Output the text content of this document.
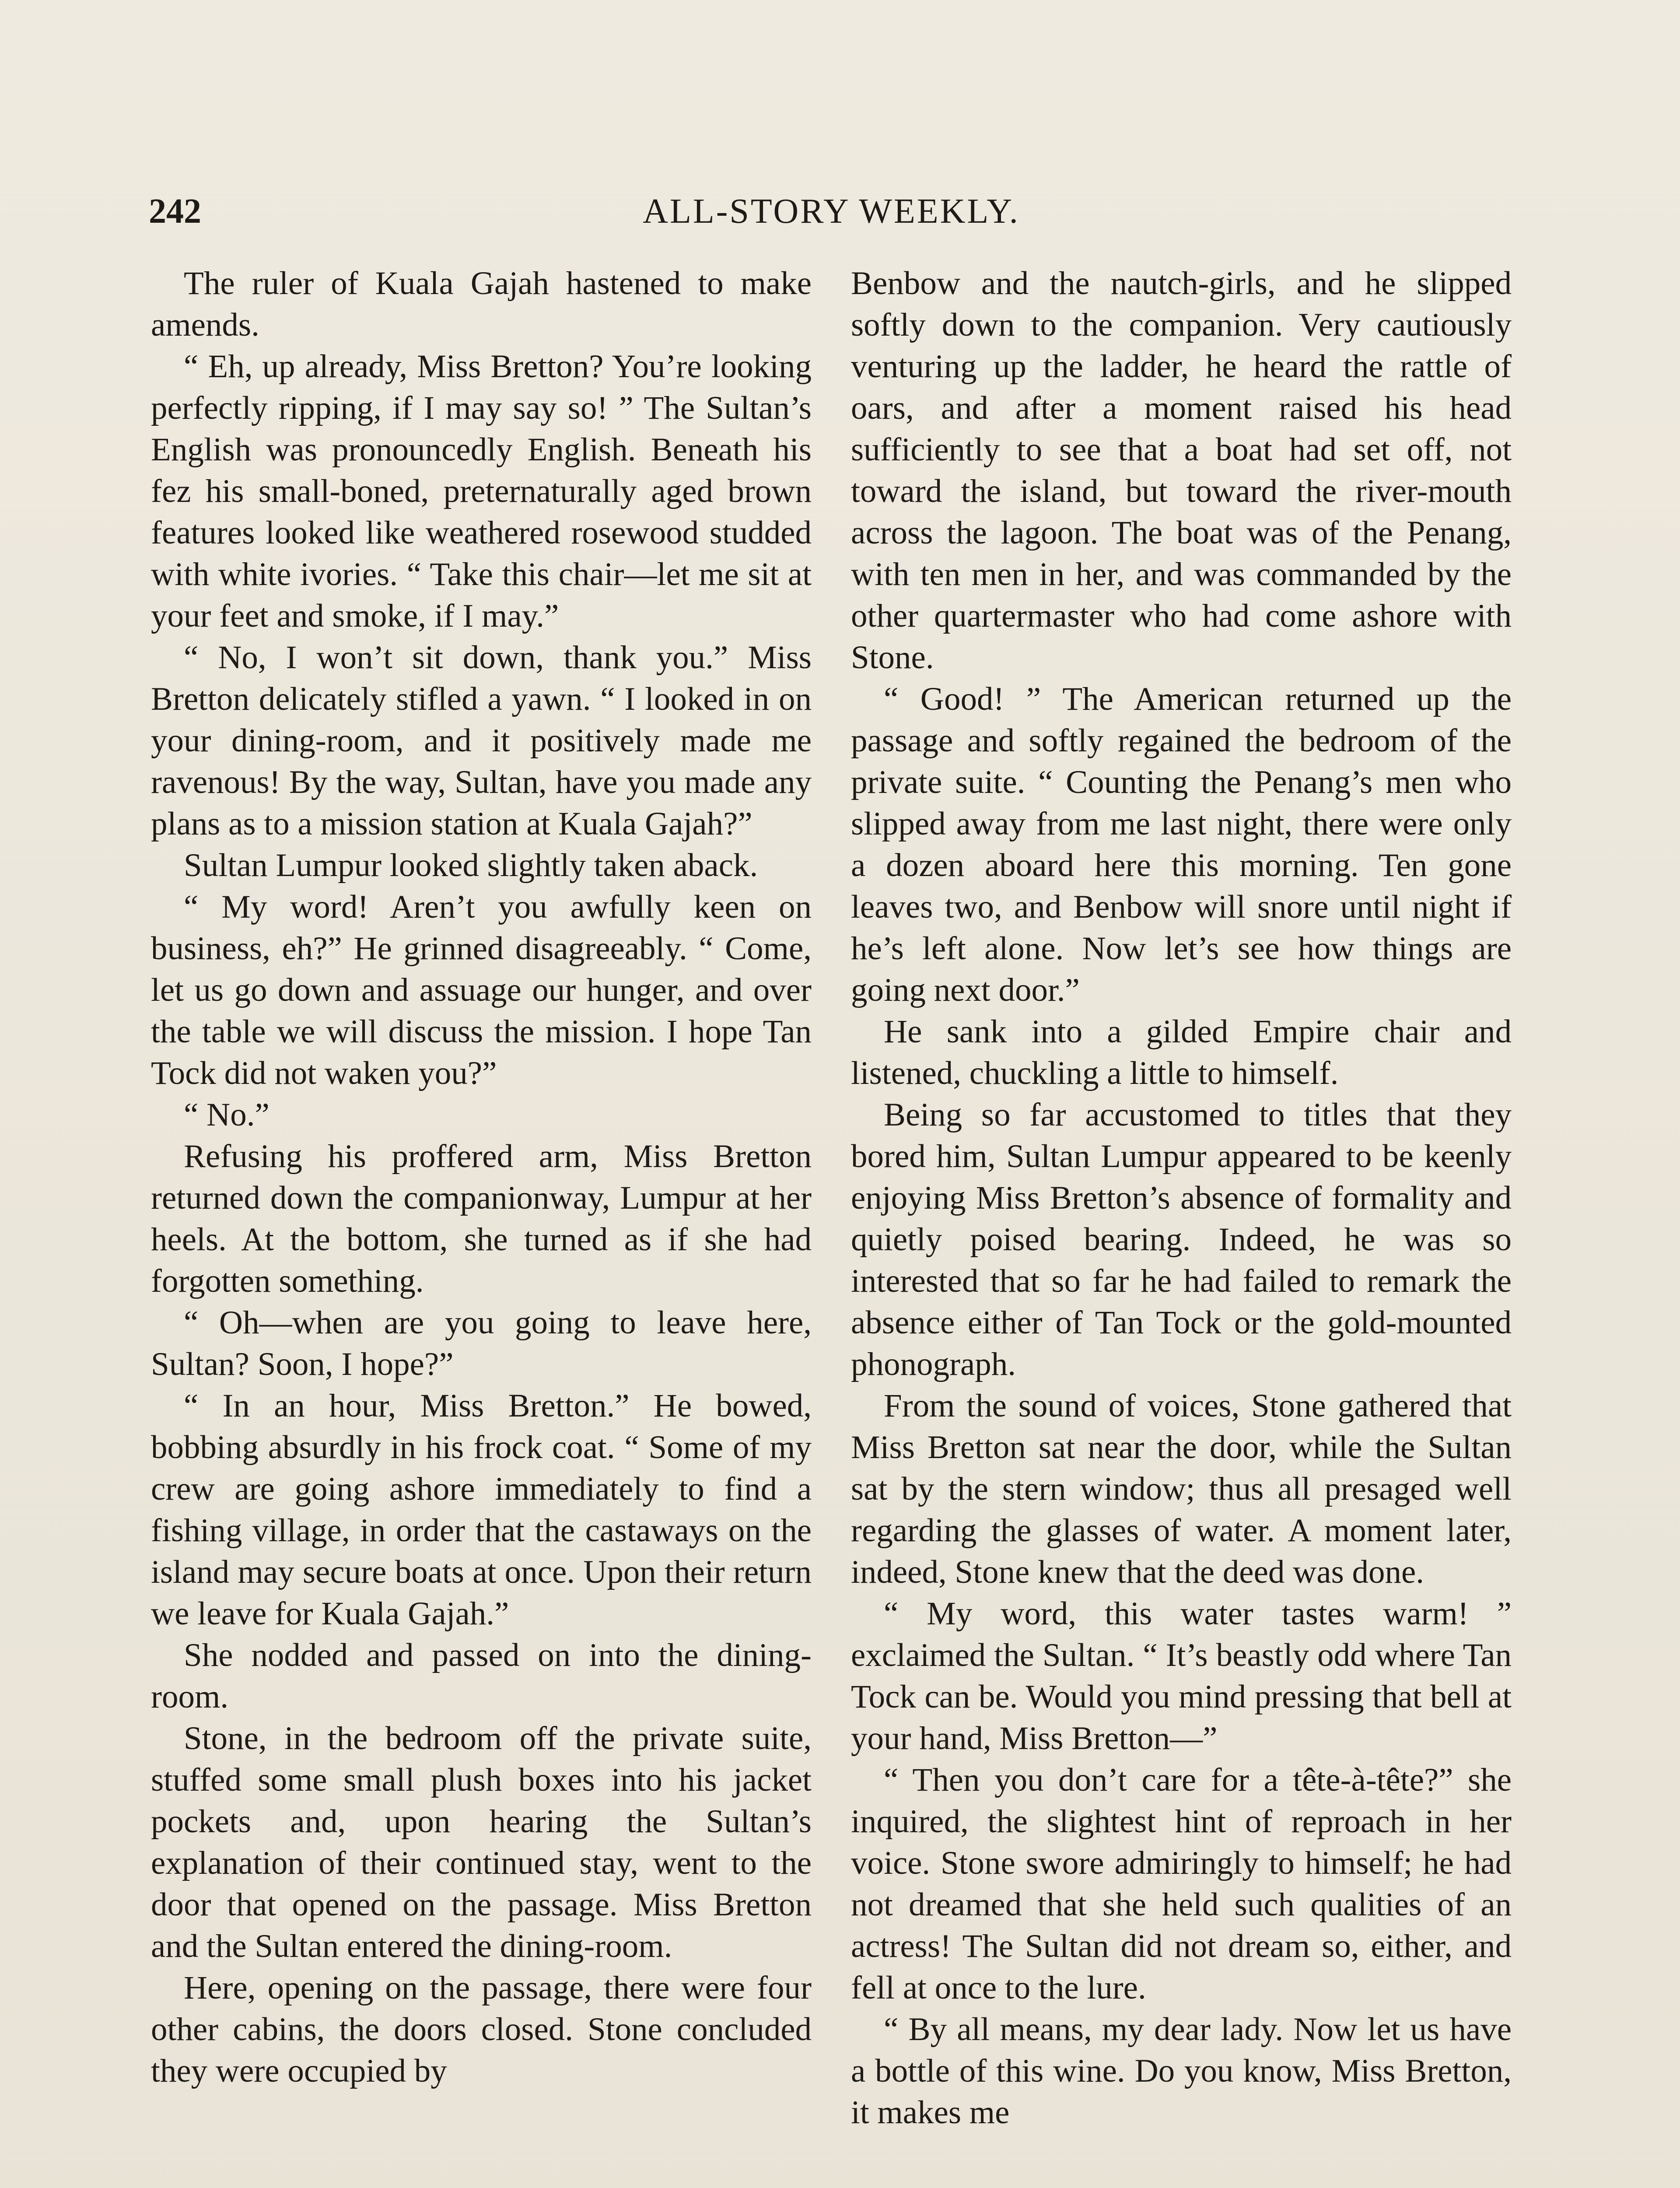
242	ALL-STORY WEEKLY.

The ruler of Kuala Gajah hastened to make amends.

“ Eh, up already, Miss Bretton? You’re looking perfectly ripping, if I may say so! ” The Sultan’s English was pronouncedly English. Beneath his fez his small-boned, preternaturally aged brown features looked like weathered rosewood studded with white ivories. “ Take this chair—let me sit at your feet and smoke, if I may.”

“ No, I won’t sit down, thank you.” Miss Bretton delicately stifled a yawn. “ I looked in on your dining-room, and it positively made me ravenous! By the way, Sultan, have you made any plans as to a mission station at Kuala Gajah?”

Sultan Lumpur looked slightly taken aback.

“ My word! Aren’t you awfully keen on business, eh?” He grinned disagreeably. “ Come, let us go down and assuage our hunger, and over the table we will discuss the mission. I hope Tan Tock did not waken you?”

“ No.”

Refusing his proffered arm, Miss Bretton returned down the companionway, Lumpur at her heels. At the bottom, she turned as if she had forgotten something.

“ Oh—when are you going to leave here, Sultan? Soon, I hope?”

“ In an hour, Miss Bretton.” He bowed, bobbing absurdly in his frock coat. “ Some of my crew are going ashore immediately to find a fishing village, in order that the castaways on the island may secure boats at once. Upon their return we leave for Kuala Gajah.”

She nodded and passed on into the dining-room.

Stone, in the bedroom off the private suite, stuffed some small plush boxes into his jacket pockets and, upon hearing the Sultan’s explanation of their continued stay, went to the door that opened on the passage. Miss Bretton and the Sultan entered the dining-room.

Here, opening on the passage, there were four other cabins, the doors closed. Stone concluded they were occupied by

Benbow and the nautch-girls, and he slipped softly down to the companion. Very cautiously venturing up the ladder, he heard the rattle of oars, and after a moment raised his head sufficiently to see that a boat had set off, not toward the island, but toward the river-mouth across the lagoon. The boat was of the Penang, with ten men in her, and was commanded by the other quartermaster who had come ashore with Stone.

“ Good! ” The American returned up the passage and softly regained the bedroom of the private suite. “ Counting the Penang’s men who slipped away from me last night, there were only a dozen aboard here this morning. Ten gone leaves two, and Benbow will snore until night if he’s left alone. Now let’s see how things are going next door.”

He sank into a gilded Empire chair and listened, chuckling a little to himself.

Being so far accustomed to titles that they bored him, Sultan Lumpur appeared to be keenly enjoying Miss Bretton’s absence of formality and quietly poised bearing. Indeed, he was so interested that so far he had failed to remark the absence either of Tan Tock or the gold-mounted phonograph.

From the sound of voices, Stone gathered that Miss Bretton sat near the door, while the Sultan sat by the stern window; thus all presaged well regarding the glasses of water. A moment later, indeed, Stone knew that the deed was done.

“ My word, this water tastes warm! ” exclaimed the Sultan. “ It’s beastly odd where Tan Tock can be. Would you mind pressing that bell at your hand, Miss Bretton—”

“ Then you don’t care for a tête-à-tête?” she inquired, the slightest hint of reproach in her voice. Stone swore admiringly to himself; he had not dreamed that she held such qualities of an actress! The Sultan did not dream so, either, and fell at once to the lure.

“ By all means, my dear lady. Now let us have a bottle of this wine. Do you know, Miss Bretton, it makes me
